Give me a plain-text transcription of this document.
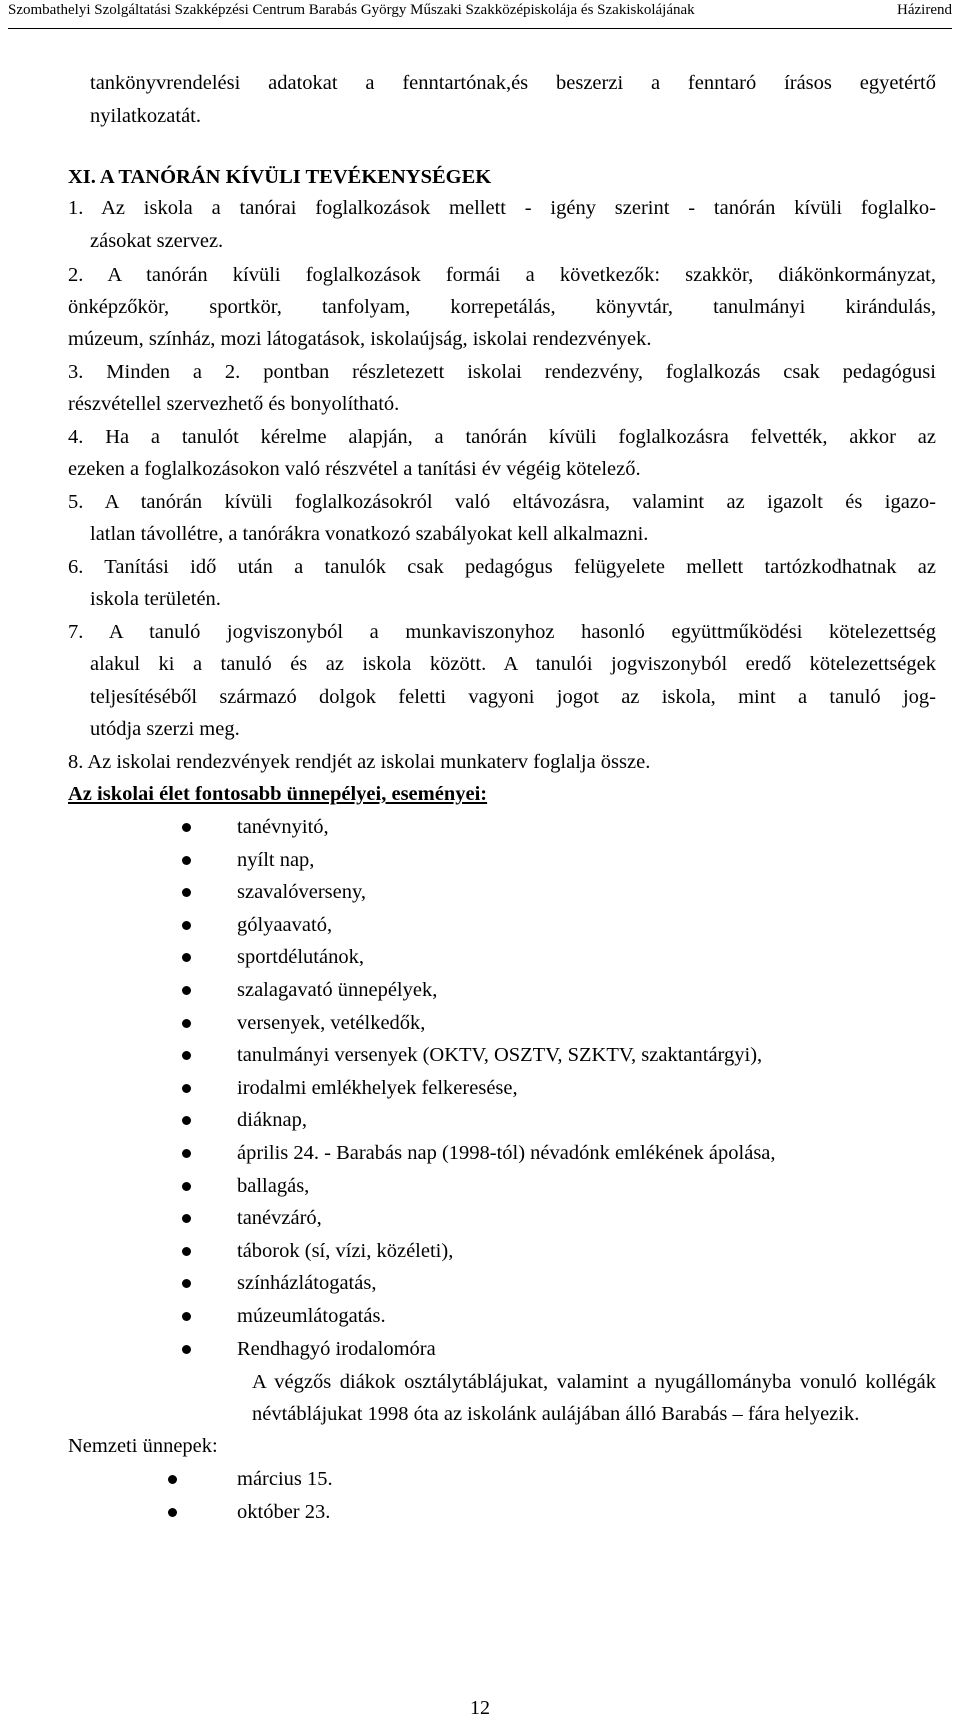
Szombathelyi Szolgáltatási Szakképzési Centrum Barabás György Műszaki Szakközépiskolája és Szakiskolájának	Házirend
tankönyvrendelési adatokat a fenntartónak,és beszerzi a fenntaró írásos egyetértő
nyilatkozatát.
XI. A TANÓRÁN KÍVÜLI TEVÉKENYSÉGEK
1. Az iskola a tanórai foglalkozások mellett - igény szerint - tanórán kívüli foglalko-
zásokat szervez.
2. A tanórán kívüli foglalkozások formái a következők: szakkör, diákönkormányzat,
önképzőkör, sportkör, tanfolyam, korrepetálás, könyvtár, tanulmányi kirándulás,
múzeum, színház, mozi látogatások, iskolaújság, iskolai rendezvények.
3. Minden a 2. pontban részletezett iskolai rendezvény, foglalkozás csak pedagógusi
részvétellel szervezhető és bonyolítható.
4. Ha a tanulót kérelme alapján, a tanórán kívüli foglalkozásra felvették, akkor az
ezeken a foglalkozásokon való részvétel a tanítási év végéig kötelező.
5. A tanórán kívüli foglalkozásokról való eltávozásra, valamint az igazolt és igazo-
latlan távollétre, a tanórákra vonatkozó szabályokat kell alkalmazni.
6. Tanítási idő után a tanulók csak pedagógus felügyelete mellett tartózkodhatnak az
iskola területén.
7. A tanuló jogviszonyból a munkaviszonyhoz hasonló együttműködési kötelezettség
alakul ki a tanuló és az iskola között. A tanulói jogviszonyból eredő kötelezettségek
teljesítéséből származó dolgok feletti vagyoni jogot az iskola, mint a tanuló jog-
utódja szerzi meg.
8. Az iskolai rendezvények rendjét az iskolai munkaterv foglalja össze.
Az iskolai élet fontosabb ünnepélyei, eseményei:
tanévnyitó,
nyílt nap,
szavalóverseny,
gólyaavató,
sportdélutánok,
szalagavató ünnepélyek,
versenyek, vetélkedők,
tanulmányi versenyek (OKTV, OSZTV, SZKTV, szaktantárgyi),
irodalmi emlékhelyek felkeresése,
diáknap,
április 24. - Barabás nap (1998-tól) névadónk emlékének ápolása,
ballagás,
tanévzáró,
táborok (sí, vízi, közéleti),
színházlátogatás,
múzeumlátogatás.
Rendhagyó irodalomóra
A végzős diákok osztálytáblájukat, valamint a nyugállományba vonuló kollégák
névtáblájukat 1998 óta az iskolánk aulájában álló Barabás – fára helyezik.
Nemzeti ünnepek:
március 15.
október 23.
12
